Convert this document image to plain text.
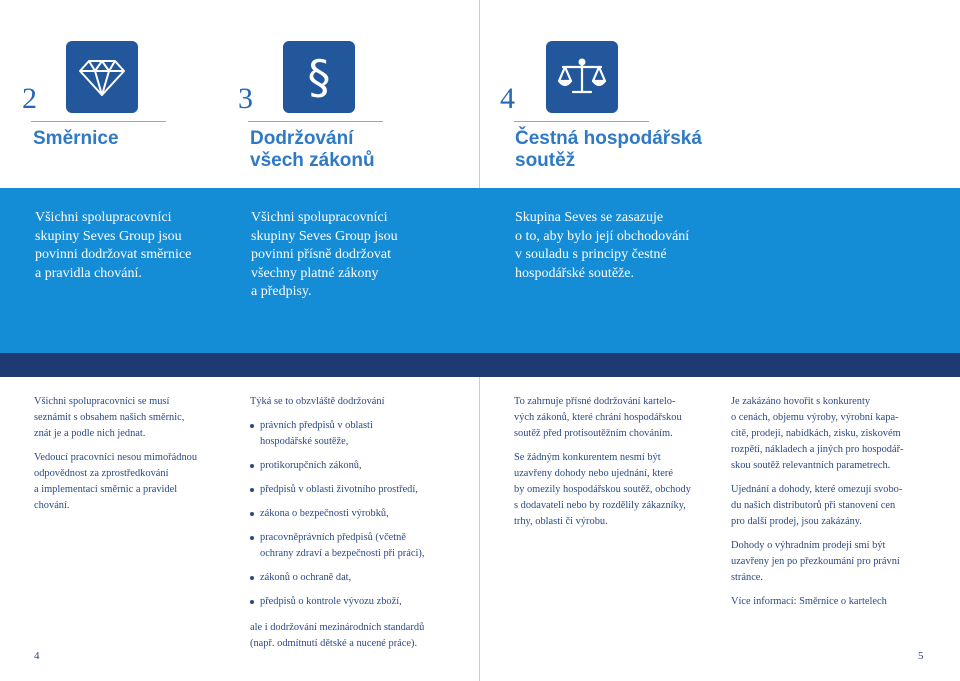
2
Směrnice
3 §
Dodržování
všech zákonů
4
Čestná hospodářská
soutěž

Všichni spolupracovníci
skupiny Seves Group jsou
povinni dodržovat směrnice
a pravidla chování.

Všichni spolupracovníci
skupiny Seves Group jsou
povinni přísně dodržovat
všechny platné zákony
a předpisy.

Skupina Seves se zasazuje
o to, aby bylo její obchodování
v souladu s principy čestné
hospodářské soutěže.

Všichni spolupracovníci se musí
seznámit s obsahem našich směrnic,
znát je a podle nich jednat.

Vedoucí pracovníci nesou mimořádnou
odpovědnost za zprostředkování
a implementaci směrnic a pravidel
chování.

Týká se to obzvláště dodržování

právních předpisů v oblasti
hospodářské soutěže,
protikorupčních zákonů,
předpisů v oblasti životního prostředí,
zákona o bezpečnosti výrobků,
pracovněprávních předpisů (včetně
ochrany zdraví a bezpečnosti při práci),
zákonů o ochraně dat,
předpisů o kontrole vývozu zboží,

ale i dodržování mezinárodních standardů
(např. odmítnutí dětské a nucené práce).

To zahrnuje přísné dodržování kartelo-
vých zákonů, které chrání hospodářskou
soutěž před protisoutěžním chováním.

Se žádným konkurentem nesmí být
uzavřeny dohody nebo ujednání, které
by omezily hospodářskou soutěž, obchody
s dodavateli nebo by rozdělily zákazníky,
trhy, oblasti či výrobu.

Je zakázáno hovořit s konkurenty
o cenách, objemu výroby, výrobní kapa-
citě, prodeji, nabídkách, zisku, ziskovém
rozpětí, nákladech a jiných pro hospodář-
skou soutěž relevantních parametrech.

Ujednání a dohody, které omezují svobo-
du našich distributorů při stanovení cen
pro další prodej, jsou zakázány.

Dohody o výhradním prodeji smí být
uzavřeny jen po přezkoumání pro právní
stránce.

Více informací: Směrnice o kartelech

4	5
